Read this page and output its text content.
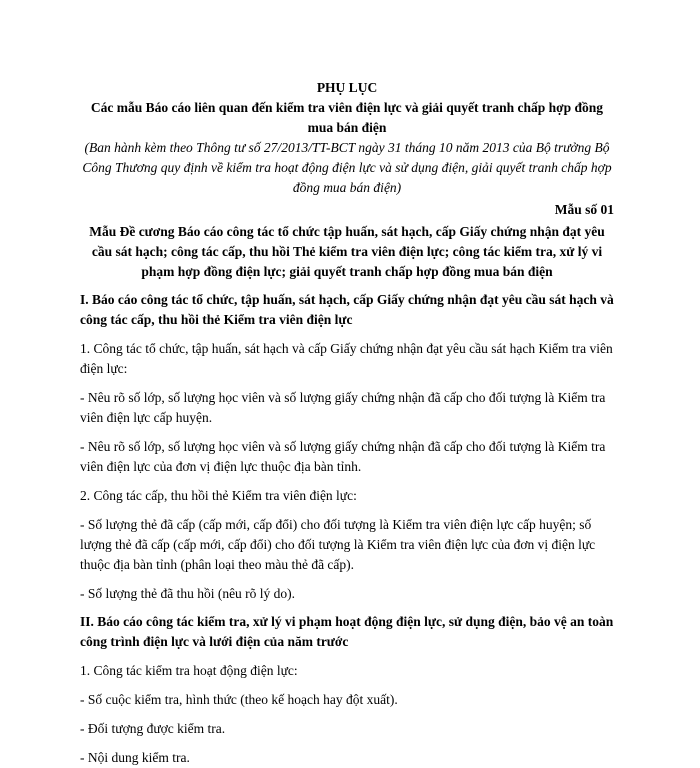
PHỤ LỤC

Các mẫu Báo cáo liên quan đến kiểm tra viên điện lực và giải quyết tranh chấp hợp đồng mua bán điện

(Ban hành kèm theo Thông tư số 27/2013/TT-BCT ngày 31 tháng 10 năm 2013 của Bộ trưởng Bộ Công Thương quy định về kiểm tra hoạt động điện lực và sử dụng điện, giải quyết tranh chấp hợp đồng mua bán điện)

Mẫu số 01

Mẫu Đề cương Báo cáo công tác tổ chức tập huấn, sát hạch, cấp Giấy chứng nhận đạt yêu cầu sát hạch; công tác cấp, thu hồi Thẻ kiểm tra viên điện lực; công tác kiểm tra, xử lý vi phạm hợp đồng điện lực; giải quyết tranh chấp hợp đồng mua bán điện

I. Báo cáo công tác tổ chức, tập huấn, sát hạch, cấp Giấy chứng nhận đạt yêu cầu sát hạch và công tác cấp, thu hồi thẻ Kiểm tra viên điện lực

1. Công tác tổ chức, tập huấn, sát hạch và cấp Giấy chứng nhận đạt yêu cầu sát hạch Kiểm tra viên điện lực:

- Nêu rõ số lớp, số lượng học viên và số lượng giấy chứng nhận đã cấp cho đối tượng là Kiểm tra viên điện lực cấp huyện.

- Nêu rõ số lớp, số lượng học viên và số lượng giấy chứng nhận đã cấp cho đối tượng là Kiểm tra viên điện lực của đơn vị điện lực thuộc địa bàn tỉnh.

2. Công tác cấp, thu hồi thẻ Kiểm tra viên điện lực:

- Số lượng thẻ đã cấp (cấp mới, cấp đổi) cho đối tượng là Kiểm tra viên điện lực cấp huyện; số lượng thẻ đã cấp (cấp mới, cấp đổi) cho đối tượng là Kiểm tra viên điện lực của đơn vị điện lực thuộc địa bàn tỉnh (phân loại theo màu thẻ đã cấp).

- Số lượng thẻ đã thu hồi (nêu rõ lý do).

II. Báo cáo công tác kiểm tra, xử lý vi phạm hoạt động điện lực, sử dụng điện, bảo vệ an toàn công trình điện lực và lưới điện của năm trước

1. Công tác kiểm tra hoạt động điện lực:

- Số cuộc kiểm tra, hình thức (theo kế hoạch hay đột xuất).

- Đối tượng được kiểm tra.

- Nội dung kiểm tra.
